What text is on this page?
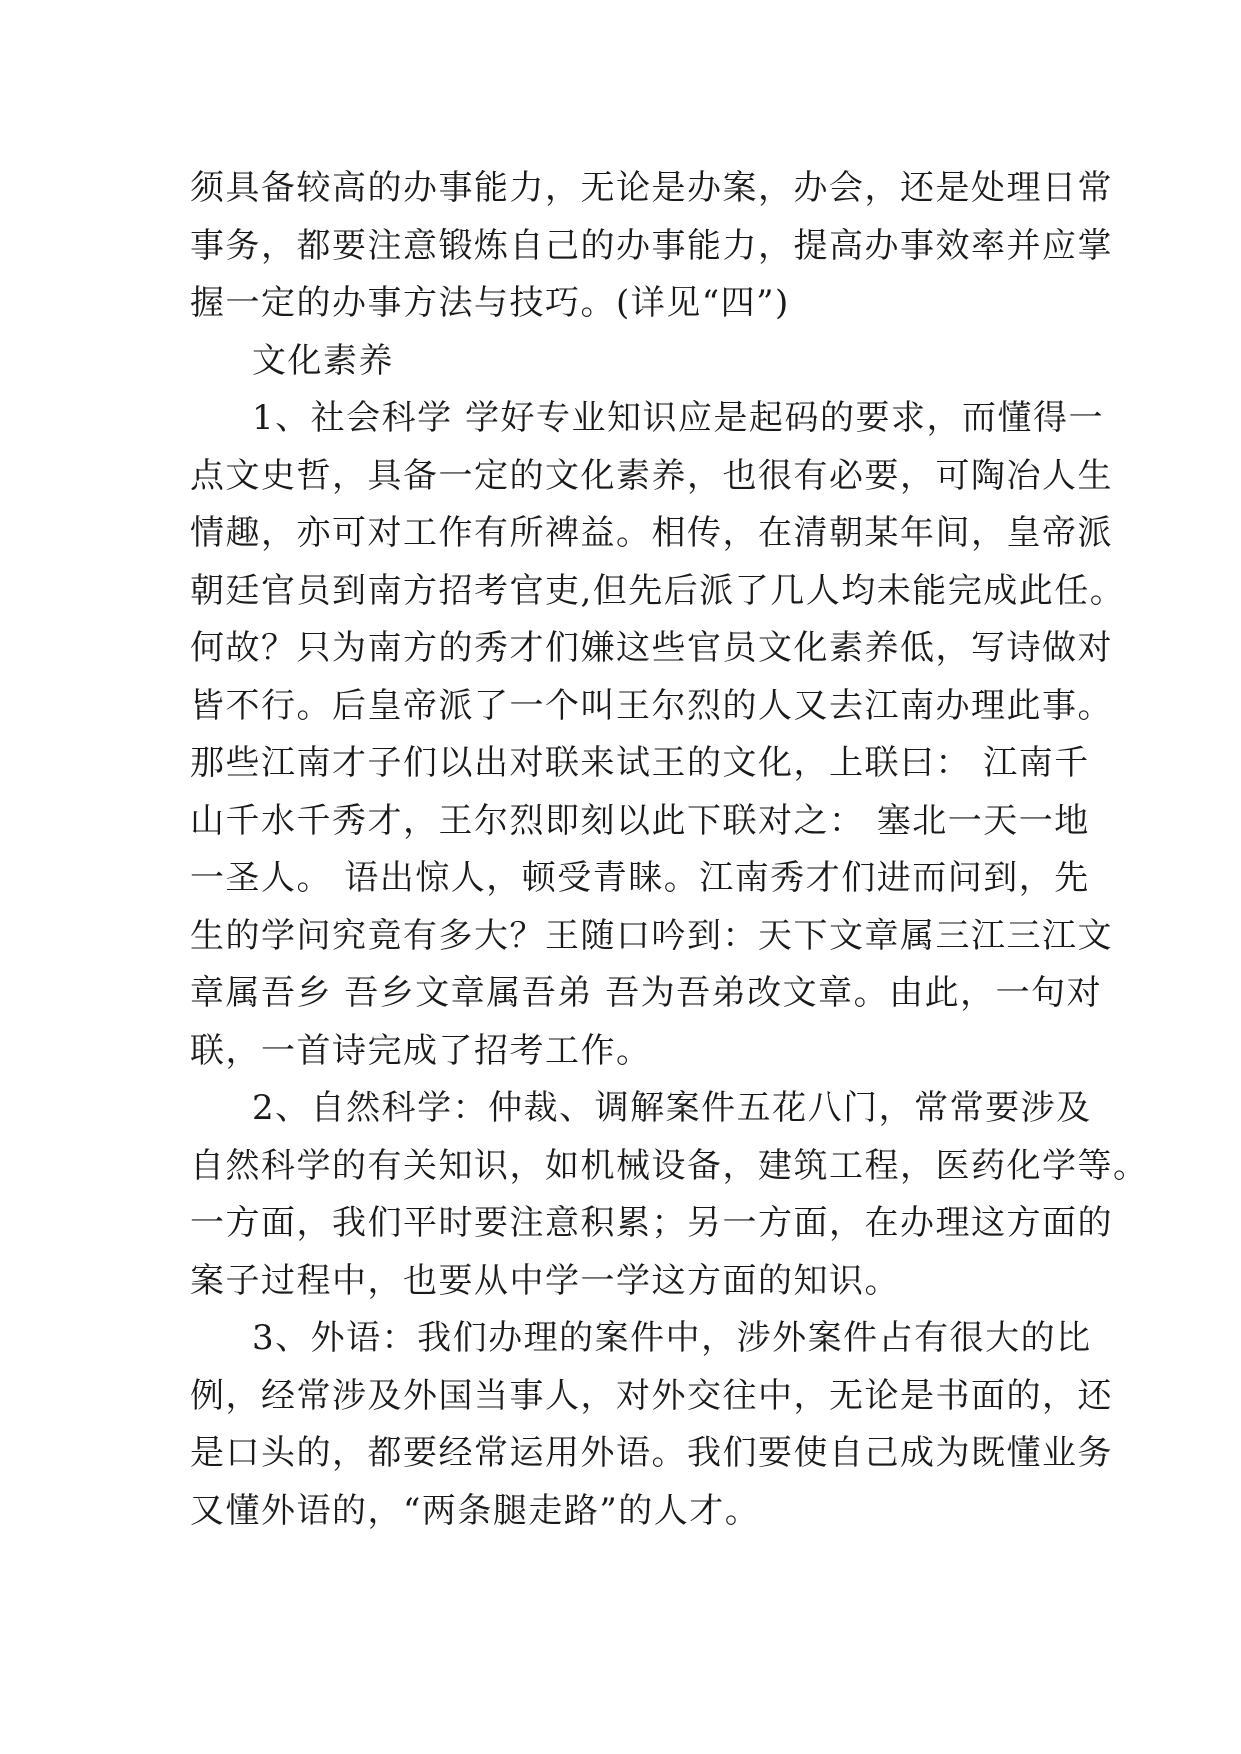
须具备较高的办事能力，无论是办案，办会，还是处理日常
事务，都要注意锻炼自己的办事能力，提高办事效率并应掌
握一定的办事方法与技巧。(详见“四”)
文化素养
1、社会科学 学好专业知识应是起码的要求，而懂得一
点文史哲，具备一定的文化素养，也很有必要，可陶冶人生
情趣，亦可对工作有所裨益。相传，在清朝某年间，皇帝派
朝廷官员到南方招考官吏,但先后派了几人均未能完成此任。
何故？只为南方的秀才们嫌这些官员文化素养低，写诗做对
皆不行。后皇帝派了一个叫王尔烈的人又去江南办理此事。
那些江南才子们以出对联来试王的文化，上联曰： 江南千
山千水千秀才，王尔烈即刻以此下联对之： 塞北一天一地
一圣人。 语出惊人，顿受青睐。江南秀才们进而问到，先
生的学问究竟有多大？王随口吟到：天下文章属三江三江文
章属吾乡 吾乡文章属吾弟 吾为吾弟改文章。由此，一句对
联，一首诗完成了招考工作。
2、自然科学：仲裁、调解案件五花八门，常常要涉及
自然科学的有关知识，如机械设备，建筑工程，医药化学等。
一方面，我们平时要注意积累；另一方面，在办理这方面的
案子过程中，也要从中学一学这方面的知识。
3、外语：我们办理的案件中，涉外案件占有很大的比
例，经常涉及外国当事人，对外交往中，无论是书面的，还
是口头的，都要经常运用外语。我们要使自己成为既懂业务
又懂外语的，“两条腿走路”的人才。
